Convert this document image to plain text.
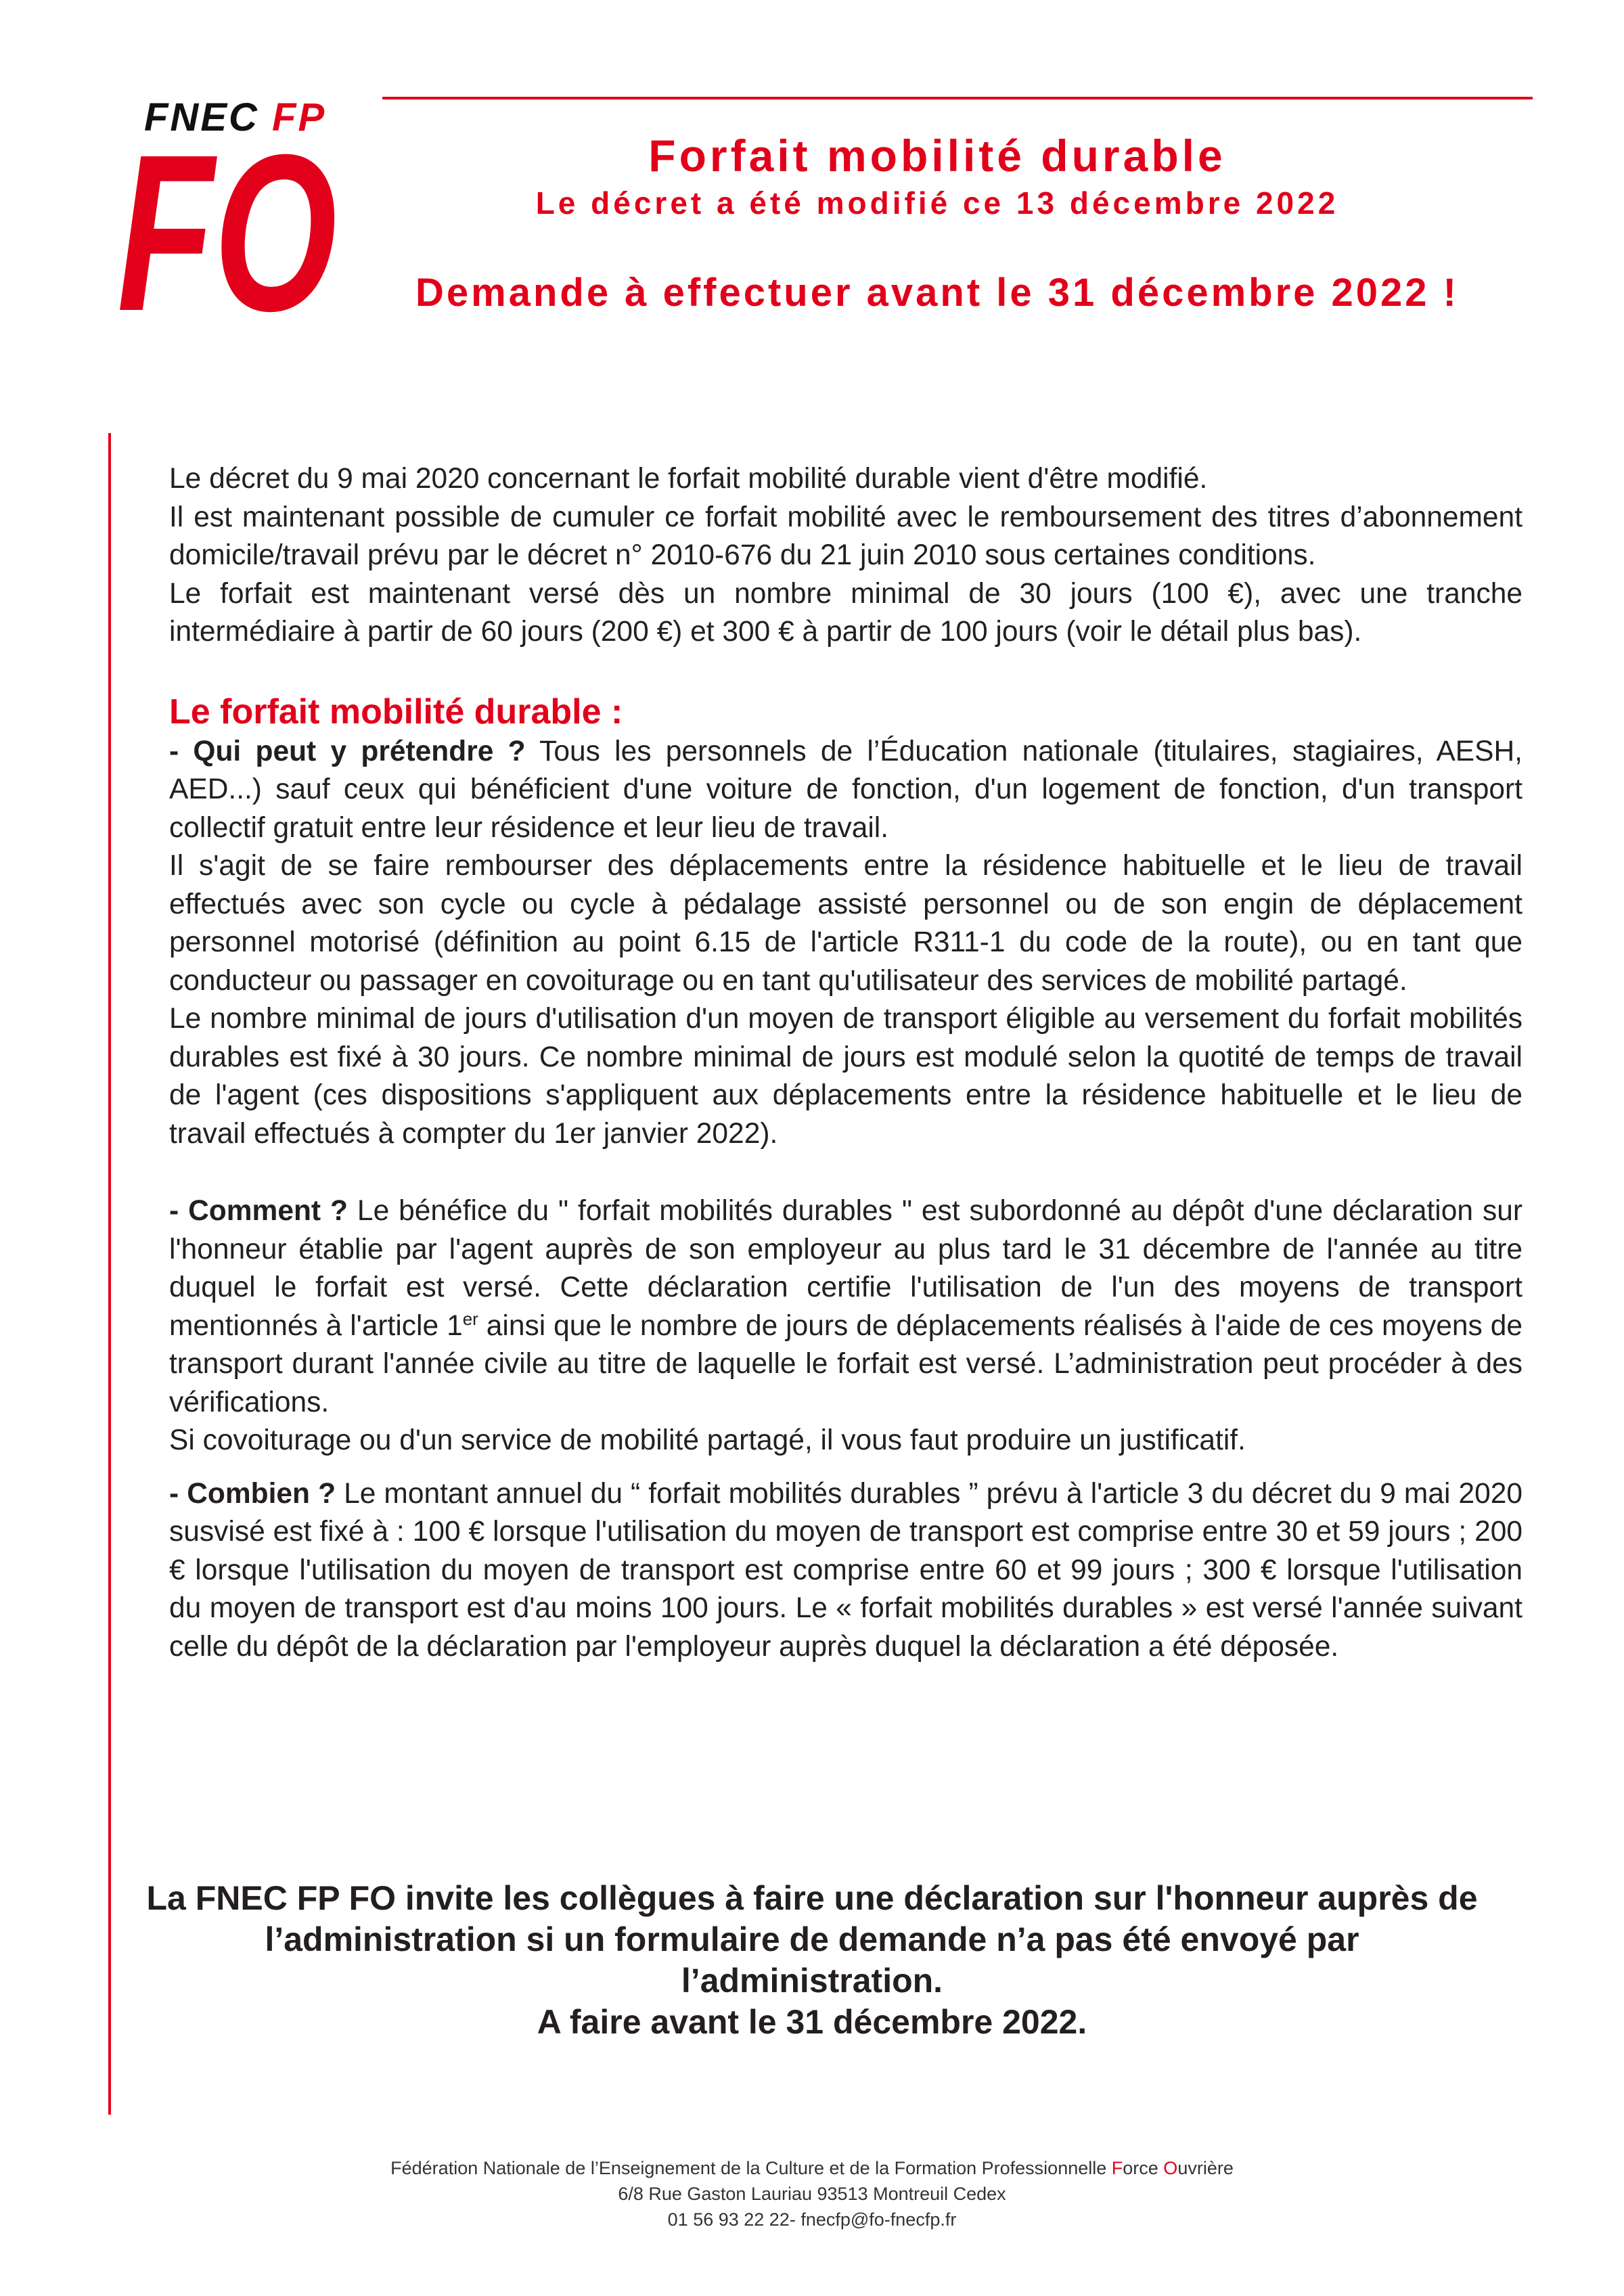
FNEC FP
FO	Forfait mobilité durable
Le décret a été modifié ce 13 décembre 2022
Demande à effectuer avant le 31 décembre 2022 !

Le décret du 9 mai 2020 concernant le forfait mobilité durable vient d'être modifié.

Il est maintenant possible de cumuler ce forfait mobilité avec le remboursement des titres d’abonnement domicile/travail prévu par le décret n° 2010-676 du 21 juin 2010 sous certaines conditions.

Le forfait est maintenant versé dès un nombre minimal de 30 jours (100 €), avec une tranche intermédiaire à partir de 60 jours (200 €) et 300 € à partir de 100 jours (voir le détail plus bas).

Le forfait mobilité durable :

- Qui peut y prétendre ? Tous les personnels de l’Éducation nationale (titulaires, stagiaires, AESH, AED...) sauf ceux qui bénéficient d'une voiture de fonction, d'un logement de fonction, d'un transport collectif gratuit entre leur résidence et leur lieu de travail.

Il s'agit de se faire rembourser des déplacements entre la résidence habituelle et le lieu de travail effectués avec son cycle ou cycle à pédalage assisté personnel ou de son engin de déplacement personnel motorisé (définition au point 6.15 de l'article R311-1 du code de la route), ou en tant que conducteur ou passager en covoiturage ou en tant qu'utilisateur des services de mobilité partagé.

Le nombre minimal de jours d'utilisation d'un moyen de transport éligible au versement du forfait mobilités durables est fixé à 30 jours. Ce nombre minimal de jours est modulé selon la quotité de temps de travail de l'agent (ces dispositions s'appliquent aux déplacements entre la résidence habituelle et le lieu de travail effectués à compter du 1er janvier 2022).

- Comment ? Le bénéfice du " forfait mobilités durables " est subordonné au dépôt d'une déclaration sur l'honneur établie par l'agent auprès de son employeur au plus tard le 31 décembre de l'année au titre duquel le forfait est versé. Cette déclaration certifie l'utilisation de l'un des moyens de transport mentionnés à l'article 1er ainsi que le nombre de jours de déplacements réalisés à l'aide de ces moyens de transport durant l'année civile au titre de laquelle le forfait est versé. L’administration peut procéder à des vérifications.

Si covoiturage ou d'un service de mobilité partagé, il vous faut produire un justificatif.

- Combien ? Le montant annuel du “ forfait mobilités durables ” prévu à l'article 3 du décret du 9 mai 2020 susvisé est fixé à : 100 € lorsque l'utilisation du moyen de transport est comprise entre 30 et 59 jours ; 200 € lorsque l'utilisation du moyen de transport est comprise entre 60 et 99 jours ; 300 € lorsque l'utilisation du moyen de transport est d'au moins 100 jours. Le « forfait mobilités durables » est versé l'année suivant celle du dépôt de la déclaration par l'employeur auprès duquel la déclaration a été déposée.

La FNEC FP FO invite les collègues à faire une déclaration sur l'honneur auprès de l’administration si un formulaire de demande n’a pas été envoyé par l’administration.

A faire avant le 31 décembre 2022.

Fédération Nationale de l’Enseignement de la Culture et de la Formation Professionnelle Force Ouvrière

6/8 Rue Gaston Lauriau 93513 Montreuil Cedex

01 56 93 22 22- fnecfp@fo-fnecfp.fr
